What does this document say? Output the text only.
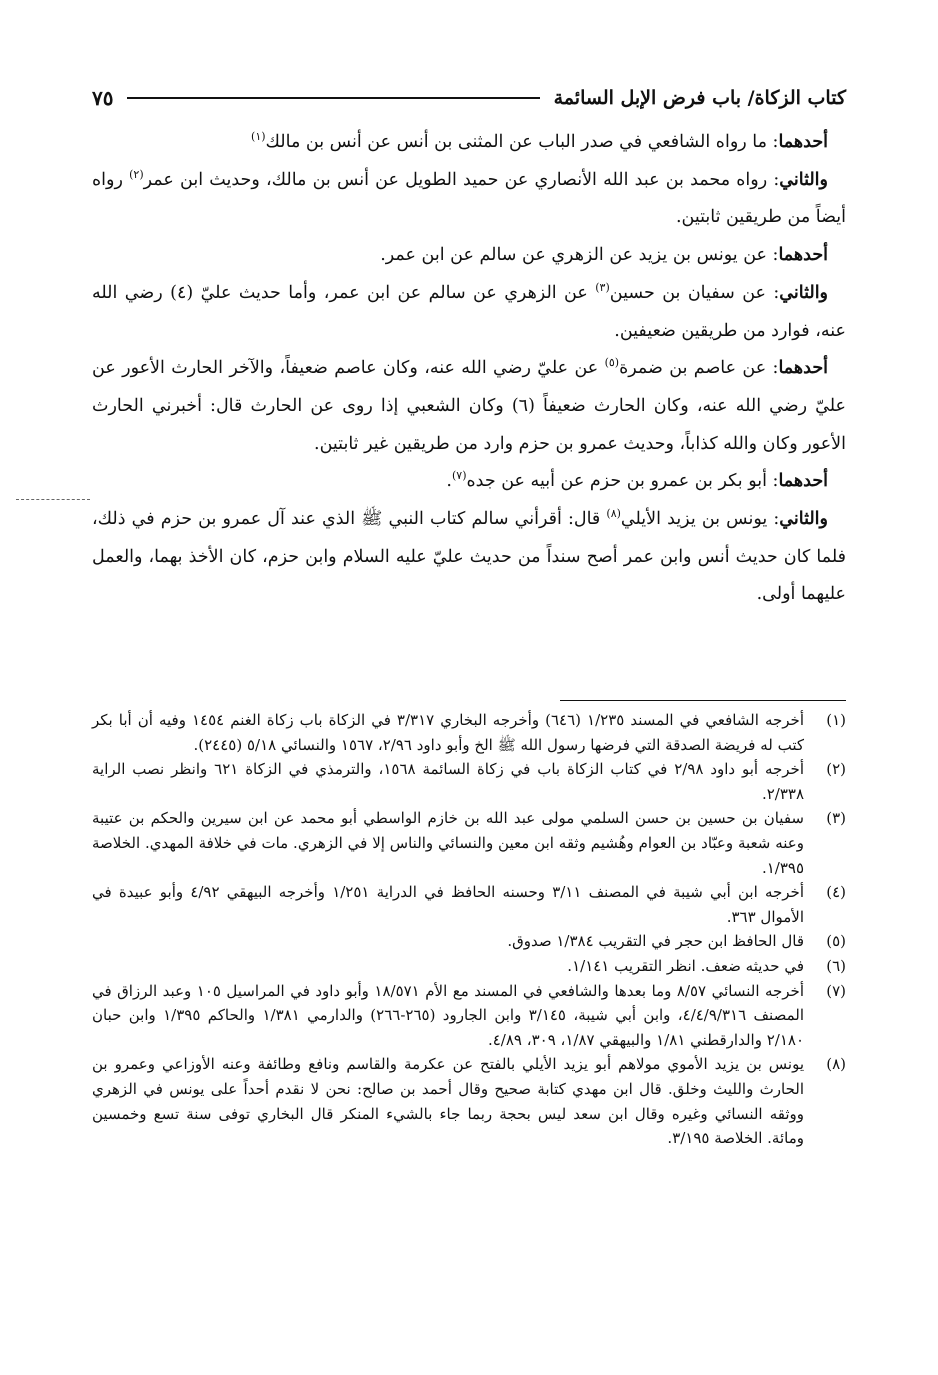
كتاب الزكاة/ باب فرض الإبل السائمة
٧٥

أحدهما: ما رواه الشافعي في صدر الباب عن المثنى بن أنس عن أنس بن مالك$^{(١)}$

والثاني: رواه محمد بن عبد الله الأنصاري عن حميد الطويل عن أنس بن مالك، وحديث ابن عمر$^{(٢)}$ رواه أيضاً من طريقين ثابتين.

أحدهما: عن يونس بن يزيد عن الزهري عن سالم عن ابن عمر.

والثاني: عن سفيان بن حسين$^{(٣)}$ عن الزهري عن سالم عن ابن عمر، وأما حديث عليّ (٤) رضي الله عنه، فوارد من طريقين ضعيفين.

أحدهما: عن عاصم بن ضمرة$^{(٥)}$ عن عليّ رضي الله عنه، وكان عاصم ضعيفاً، والآخر الحارث الأعور عن عليّ رضي الله عنه، وكان الحارث ضعيفاً (٦) وكان الشعبي إذا روى عن الحارث قال: أخبرني الحارث الأعور وكان والله كذاباً، وحديث عمرو بن حزم وارد من طريقين غير ثابتين.

أحدهما: أبو بكر بن عمرو بن حزم عن أبيه عن جده$^{(٧)}$.

والثاني: يونس بن يزيد الأيلي$^{(٨)}$ قال: أقرأني سالم كتاب النبي ﷺ الذي عند آل عمرو بن حزم في ذلك، فلما كان حديث أنس وابن عمر أصح سنداً من حديث عليّ عليه السلام وابن حزم، كان الأخذ بهما، والعمل عليهما أولى.

(١)
أخرجه الشافعي في المسند ١/٢٣٥ (٦٤٦) وأخرجه البخاري ٣/٣١٧ في الزكاة باب زكاة الغنم ١٤٥٤ وفيه أن أبا بكر كتب له فريضة الصدقة التي فرضها رسول الله ﷺ الخ وأبو داود ٢/٩٦، ١٥٦٧ والنسائي ٥/١٨ (٢٤٤٥).
(٢)
أخرجه أبو داود ٢/٩٨ في كتاب الزكاة باب في زكاة السائمة ١٥٦٨، والترمذي في الزكاة ٦٢١ وانظر نصب الراية ٢/٣٣٨.
(٣)
سفيان بن حسين بن حسن السلمي مولى عبد الله بن خازم الواسطي أبو محمد عن ابن سيرين والحكم بن عتيبة وعنه شعبة وعبّاد بن العوام وهُشيم وثقه ابن معين والنسائي والناس إلا في الزهري. مات في خلافة المهدي. الخلاصة ١/٣٩٥.
(٤)
أخرجه ابن أبي شيبة في المصنف ٣/١١ وحسنه الحافظ في الدراية ١/٢٥١ وأخرجه البيهقي ٤/٩٢ وأبو عبيدة في الأموال ٣٦٣.
(٥)
قال الحافظ ابن حجر في التقريب ١/٣٨٤ صدوق.
(٦)
في حديثه ضعف. انظر التقريب ١/١٤١.
(٧)
أخرجه النسائي ٨/٥٧ وما بعدها والشافعي في المسند مع الأم ١٨/٥٧١ وأبو داود في المراسيل ١٠٥ وعبد الرزاق في المصنف ٤/٤/٩/٣١٦، وابن أبي شيبة، ٣/١٤٥ وابن الجارود (٢٦٥-٢٦٦) والدارمي ١/٣٨١ والحاكم ١/٣٩٥ وابن حبان ٢/١٨٠ والدارقطني ١/٨١ والبيهقي ١/٨٧، ٣٠٩، ٤/٨٩.
(٨)
يونس بن يزيد الأموي مولاهم أبو يزيد الأيلي بالفتح عن عكرمة والقاسم ونافع وطائفة وعنه الأوزاعي وعمرو بن الحارث والليث وخلق. قال ابن مهدي كتابة صحيح وقال أحمد بن صالح: نحن لا نقدم أحداً على يونس في الزهري ووثقه النسائي وغيره وقال ابن سعد ليس بحجة ربما جاء بالشيء المنكر قال البخاري توفى سنة تسع وخمسين ومائة. الخلاصة ٣/١٩٥.
